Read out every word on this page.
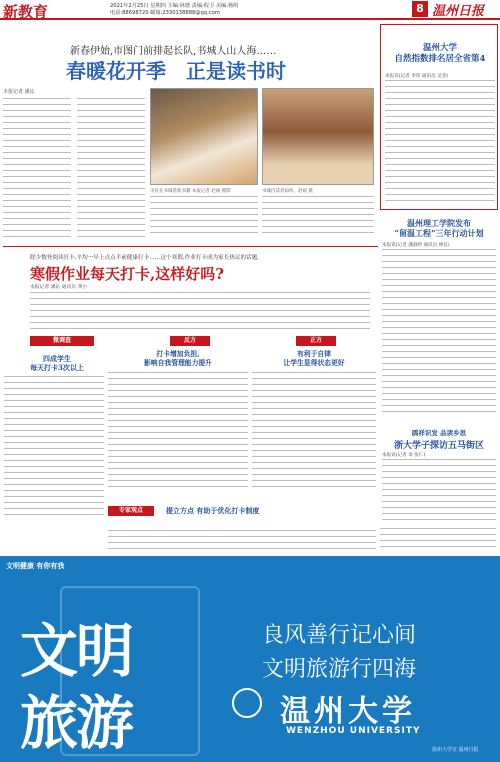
新教育	2021年2月25日 星期四 主编:林德 责编:程卫 美编:杨明
电话:88698720 邮箱:2330138888@qq.com	8 温州日报
新春伊始,市图门前排起长队,书城人山人海……
春暖花开季　正是读书时
本报记者 潘沁
市民在书城选购书籍 本报记者 赵硕 摄影	书城内读者如织。赵硕 摄
温州大学
自然指数排名居全省第4
本报讯(记者 李玮 通讯员 吴金)
温州理工学院发布
“留温工程”三年行动计划
本报讯(记者 潘淑婷 通讯员 林仪)
除少数登阅读打卡,平均一早上点点半前健康打卡……这个寒假,作业打卡成为家长热议的话题。
寒假作业每天打卡,这样好吗?
本报记者 潘沁 通讯员 黄小
微调查
四成学生
每天打卡3次以上
反方
打卡增加负担,
影响自我管理能力提升
正方
有利于自律
让学生显得状态更好
专家观点	提立方点 有助于优化打卡制度
鸥祥识发 品读乡思
浙大学子探访五马街区
本报讯(记者 章 张仁)
文明健康 有你有我
文明
旅游
良风善行记心间
文明旅游行四海
温州大学
WENZHOU UNIVERSITY
温州大学宣 温州日报
